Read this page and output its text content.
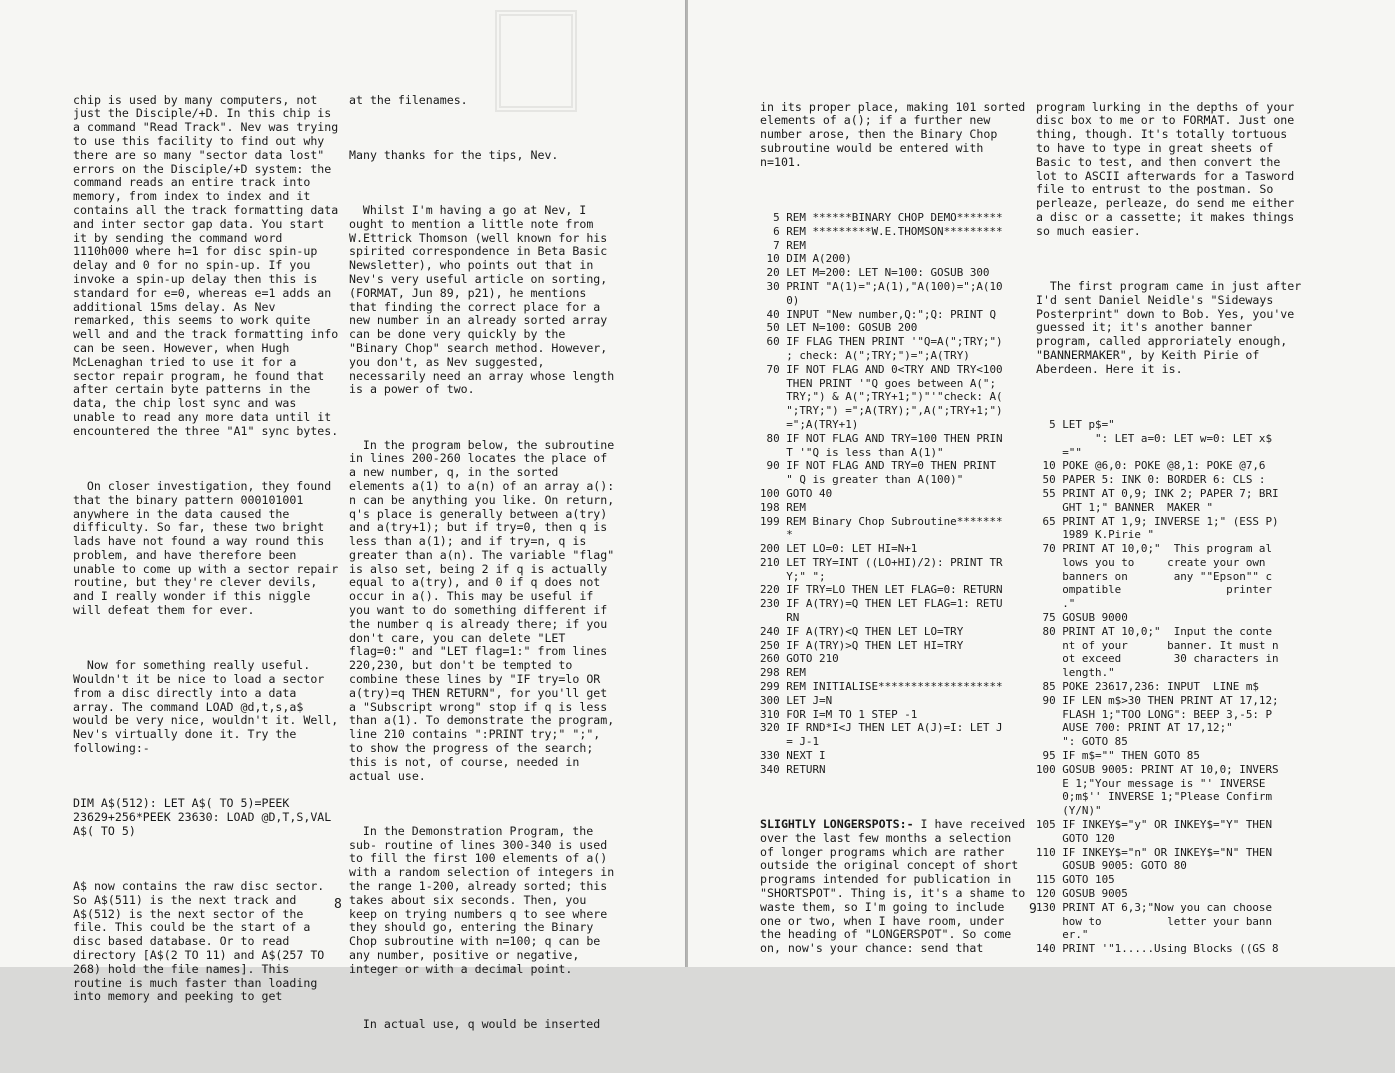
chip is used by many computers, not just the Disciple/+D. In this chip is a command "Read Track". Nev was trying to use this facility to find out why there are so many "sector data lost" errors on the Disciple/+D system: the command reads an entire track into memory, from index to index and it contains all the track formatting data and inter sector gap data. You start it by sending the command word 1110h000 where h=1 for disc spin-up delay and 0 for no spin-up. If you invoke a spin-up delay then this is standard for e=0, whereas e=1 adds an additional 15ms delay. As Nev remarked, this seems to work quite well and and the track formatting info can be seen. However, when Hugh McLenaghan tried to use it for a sector repair program, he found that after certain byte patterns in the data, the chip lost sync and was unable to read any more data until it encountered the three "A1" sync bytes.

On closer investigation, they found that the binary pattern 000101001 anywhere in the data caused the difficulty. So far, these two bright lads have not found a way round this problem, and have therefore been unable to come up with a sector repair routine, but they're clever devils, and I really wonder if this niggle will defeat them for ever.

Now for something really useful. Wouldn't it be nice to load a sector from a disc directly into a data array. The command LOAD @d,t,s,a$ would be very nice, wouldn't it. Well, Nev's virtually done it. Try the following:-

DIM A$(512): LET A$( TO 5)=PEEK 23629+256*PEEK 23630: LOAD @D,T,S,VAL A$( TO 5)

A$ now contains the raw disc sector. So A$(511) is the next track and A$(512) is the next sector of the file. This could be the start of a disc based database. Or to read directory [A$(2 TO 11) and A$(257 TO 268) hold the file names]. This routine is much faster than loading into memory and peeking to get

at the filenames.

Many thanks for the tips, Nev.

Whilst I'm having a go at Nev, I ought to mention a little note from W.Ettrick Thomson (well known for his spirited correspondence in Beta Basic Newsletter), who points out that in Nev's very useful article on sorting, (FORMAT, Jun 89, p21), he mentions that finding the correct place for a new number in an already sorted array can be done very quickly by the "Binary Chop" search method. However, you don't, as Nev suggested, necessarily need an array whose length is a power of two.

In the program below, the subroutine in lines 200-260 locates the place of a new number, q, in the sorted elements a(1) to a(n) of an array a(): n can be anything you like. On return, q's place is generally between a(try) and a(try+1); but if try=0, then q is less than a(1); and if try=n, q is greater than a(n). The variable "flag" is also set, being 2 if q is actually equal to a(try), and 0 if q does not occur in a(). This may be useful if you want to do something different if the number q is already there; if you don't care, you can delete "LET flag=0:" and "LET flag=1:" from lines 220,230, but don't be tempted to combine these lines by "IF try=lo OR a(try)=q THEN RETURN", for you'll get a "Subscript wrong" stop if q is less than a(1). To demonstrate the program, line 210 contains ":PRINT try;" ";", to show the progress of the search; this is not, of course, needed in actual use.

In the Demonstration Program, the sub- routine of lines 300-340 is used to fill the first 100 elements of a() with a random selection of integers in the range 1-200, already sorted; this takes about six seconds. Then, you keep on trying numbers q to see where they should go, entering the Binary Chop subroutine with n=100; q can be any number, positive or negative, integer or with a decimal point.

In actual use, q would be inserted

8

in its proper place, making 101 sorted elements of a(); if a further new number arose, then the Binary Chop subroutine would be entered with n=101.

5 REM ******BINARY CHOP DEMO*******
6 REM *********W.E.THOMSON*********
7 REM
10 DIM A(200)
20 LET M=200: LET N=100: GOSUB 300
30 PRINT "A(1)=";A(1),"A(100)=";A(10
0)
40 INPUT "New number,Q:";Q: PRINT Q
50 LET N=100: GOSUB 200
60 IF FLAG THEN PRINT '"Q=A(";TRY;")
; check: A(";TRY;")=";A(TRY)
70 IF NOT FLAG AND 0<TRY AND TRY<100
THEN PRINT '"Q goes between A(";
TRY;") & A(";TRY+1;")"'"check: A(
";TRY;") =";A(TRY);",A(";TRY+1;")
=";A(TRY+1)
80 IF NOT FLAG AND TRY=100 THEN PRIN
T '"Q is less than A(1)"
90 IF NOT FLAG AND TRY=0 THEN PRINT
" Q is greater than A(100)"
100 GOTO 40
198 REM
199 REM Binary Chop Subroutine*******
*
200 LET LO=0: LET HI=N+1
210 LET TRY=INT ((LO+HI)/2): PRINT TR
Y;" ";
220 IF TRY=LO THEN LET FLAG=0: RETURN
230 IF A(TRY)=Q THEN LET FLAG=1: RETU
RN
240 IF A(TRY)<Q THEN LET LO=TRY
250 IF A(TRY)>Q THEN LET HI=TRY
260 GOTO 210
298 REM
299 REM INITIALISE*******************
300 LET J=N
310 FOR I=M TO 1 STEP -1
320 IF RND*I<J THEN LET A(J)=I: LET J
= J-1
330 NEXT I
340 RETURN

SLIGHTLY LONGERSPOTS:- I have received over the last few months a selection of longer programs which are rather outside the original concept of short programs intended for publication in "SHORTSPOT". Thing is, it's a shame to waste them, so I'm going to include one or two, when I have room, under the heading of "LONGERSPOT". So come on, now's your chance: send that

program lurking in the depths of your disc box to me or to FORMAT. Just one thing, though. It's totally tortuous to have to type in great sheets of Basic to test, and then convert the lot to ASCII afterwards for a Tasword file to entrust to the postman. So perleaze, perleaze, do send me either a disc or a cassette; it makes things so much easier.

The first program came in just after I'd sent Daniel Neidle's "Sideways Posterprint" down to Bob. Yes, you've guessed it; it's another banner program, called approriately enough, "BANNERMAKER", by Keith Pirie of Aberdeen. Here it is.

5 LET p$="
": LET a=0: LET w=0: LET x$
=""
10 POKE @6,0: POKE @8,1: POKE @7,6
50 PAPER 5: INK 0: BORDER 6: CLS :
55 PRINT AT 0,9; INK 2; PAPER 7; BRI
GHT 1;" BANNER  MAKER "
65 PRINT AT 1,9; INVERSE 1;" (ESS P)
1989 K.Pirie "
70 PRINT AT 10,0;"  This program al
lows you to     create your own
banners on       any ""Epson"" c
ompatible                printer
."
75 GOSUB 9000
80 PRINT AT 10,0;"  Input the conte
nt of your      banner. It must n
ot exceed        30 characters in
length."
85 POKE 23617,236: INPUT  LINE m$
90 IF LEN m$>30 THEN PRINT AT 17,12;
FLASH 1;"TOO LONG": BEEP 3,-5: P
AUSE 700: PRINT AT 17,12;"
": GOTO 85
95 IF m$="" THEN GOTO 85
100 GOSUB 9005: PRINT AT 10,0; INVERS
E 1;"Your message is "' INVERSE
0;m$'' INVERSE 1;"Please Confirm
(Y/N)"
105 IF INKEY$="y" OR INKEY$="Y" THEN
GOTO 120
110 IF INKEY$="n" OR INKEY$="N" THEN
GOSUB 9005: GOTO 80
115 GOTO 105
120 GOSUB 9005
130 PRINT AT 6,3;"Now you can choose
how to          letter your bann
er."
140 PRINT '"1.....Using Blocks ((GS 8

9
